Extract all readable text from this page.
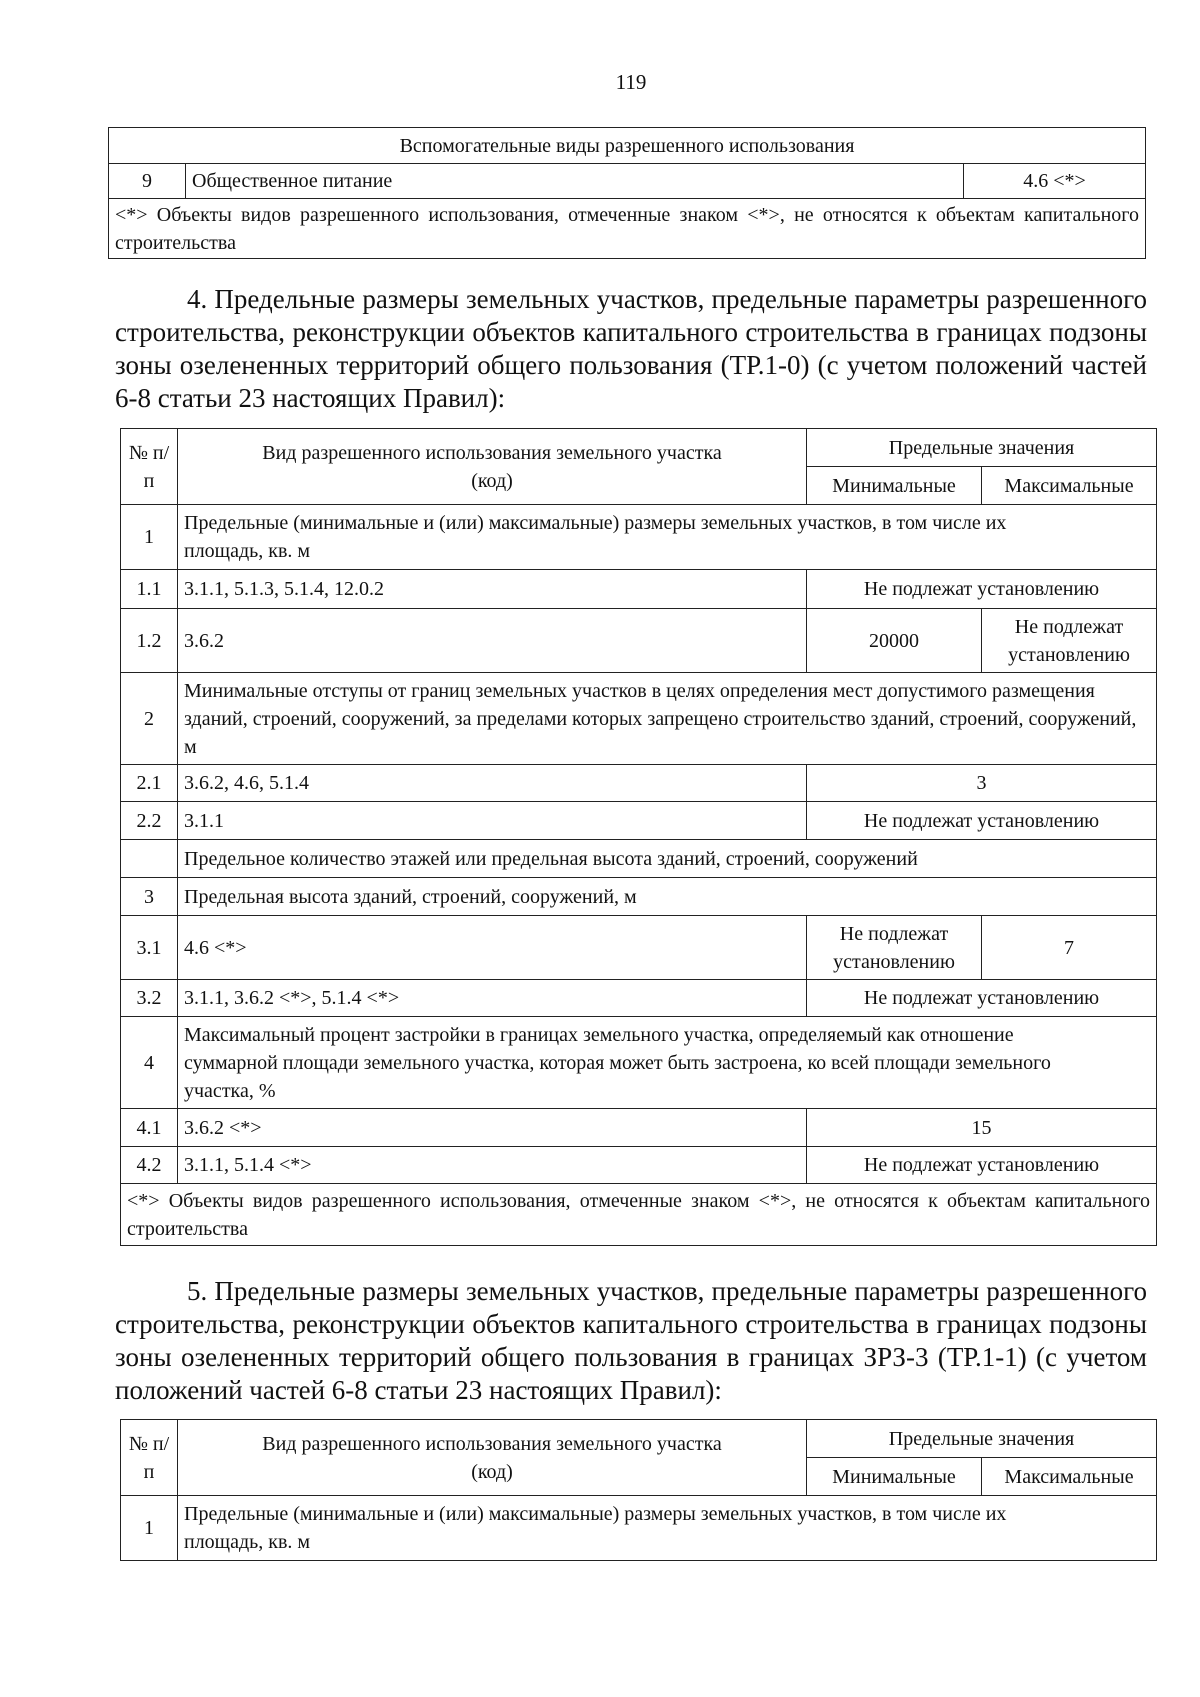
119
Вспомогательные виды разрешенного использования
9	Общественное питание	4.6 <*>
<*> Объекты видов разрешенного использования, отмеченные знаком <*>, не относятся к объектам капитального строительства

4. Предельные размеры земельных участков, предельные параметры разрешенного строительства, реконструкции объектов капитального строительства в границах подзоны зоны озелененных территорий общего пользования (ТР.1-0) (с учетом положений частей 6-8 статьи 23 настоящих Правил):

№ п/п	Вид разрешенного использования земельного участка (код)	Предельные значения	
		Минимальные	Максимальные
1	Предельные (минимальные и (или) максимальные) размеры земельных участков, в том числе их площадь, кв. м		
1.1	3.1.1, 5.1.3, 5.1.4, 12.0.2	Не подлежат установлению	
1.2	3.6.2	20000	Не подлежат установлению
2	Минимальные отступы от границ земельных участков в целях определения мест допустимого размещения зданий, строений, сооружений, за пределами которых запрещено строительство зданий, строений, сооружений, м		
2.1	3.6.2, 4.6, 5.1.4	3	
2.2	3.1.1	Не подлежат установлению	
	Предельное количество этажей или предельная высота зданий, строений, сооружений		
3	Предельная высота зданий, строений, сооружений, м		
3.1	4.6 <*>	Не подлежат установлению	7
3.2	3.1.1, 3.6.2 <*>, 5.1.4 <*>	Не подлежат установлению	
4	Максимальный процент застройки в границах земельного участка, определяемый как отношение суммарной площади земельного участка, которая может быть застроена, ко всей площади земельного участка, %		
4.1	3.6.2 <*>	15	
4.2	3.1.1, 5.1.4 <*>	Не подлежат установлению	
<*> Объекты видов разрешенного использования, отмеченные знаком <*>, не относятся к объектам капитального строительства			

5. Предельные размеры земельных участков, предельные параметры разрешенного строительства, реконструкции объектов капитального строительства в границах подзоны зоны озелененных территорий общего пользования в границах ЗРЗ-3 (ТР.1-1) (с учетом положений частей 6-8 статьи 23 настоящих Правил):

№ п/п	Вид разрешенного использования земельного участка (код)	Предельные значения	
		Минимальные	Максимальные
1	Предельные (минимальные и (или) максимальные) размеры земельных участков, в том числе их площадь, кв. м		
